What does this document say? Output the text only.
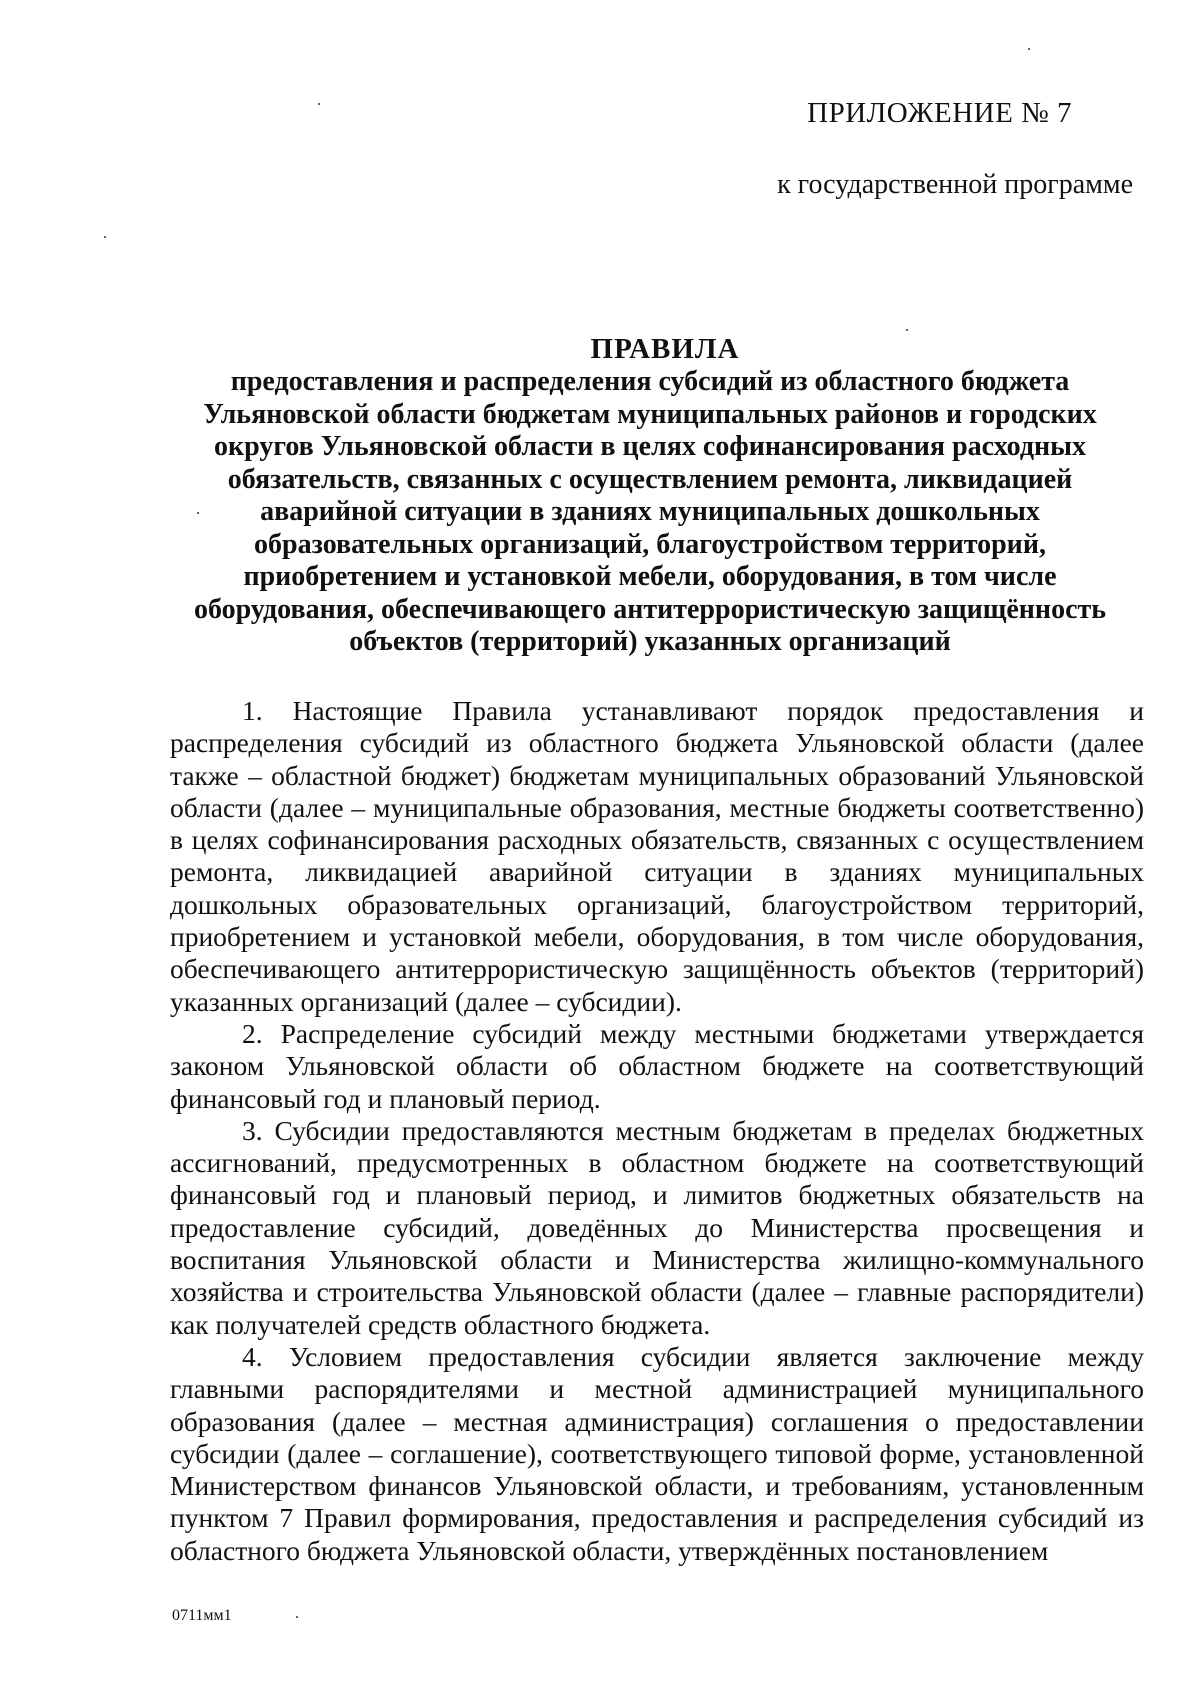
ПРИЛОЖЕНИЕ № 7
к государственной программе
ПРАВИЛА
предоставления и распределения субсидий из областного бюджета Ульяновской области бюджетам муниципальных районов и городских округов Ульяновской области в целях софинансирования расходных обязательств, связанных с осуществлением ремонта, ликвидацией аварийной ситуации в зданиях муниципальных дошкольных образовательных организаций, благоустройством территорий, приобретением и установкой мебели, оборудования, в том числе оборудования, обеспечивающего антитеррористическую защищённость объектов (территорий) указанных организаций

1. Настоящие Правила устанавливают порядок предоставления и распределения субсидий из областного бюджета Ульяновской области (далее также – областной бюджет) бюджетам муниципальных образований Ульяновской области (далее – муниципальные образования, местные бюджеты соответственно) в целях софинансирования расходных обязательств, связанных с осуществлением ремонта, ликвидацией аварийной ситуации в зданиях муниципальных дошкольных образовательных организаций, благоустройством территорий, приобретением и установкой мебели, оборудования, в том числе оборудования, обеспечивающего антитеррористическую защищённость объектов (территорий) указанных организаций (далее – субсидии).

2. Распределение субсидий между местными бюджетами утверждается законом Ульяновской области об областном бюджете на соответствующий финансовый год и плановый период.

3. Субсидии предоставляются местным бюджетам в пределах бюджетных ассигнований, предусмотренных в областном бюджете на соответствующий финансовый год и плановый период, и лимитов бюджетных обязательств на предоставление субсидий, доведённых до Министерства просвещения и воспитания Ульяновской области и Министерства жилищно-коммунального хозяйства и строительства Ульяновской области (далее – главные распорядители) как получателей средств областного бюджета.

4. Условием предоставления субсидии является заключение между главными распорядителями и местной администрацией муниципального образования (далее – местная администрация) соглашения о предоставлении субсидии (далее – соглашение), соответствующего типовой форме, установленной Министерством финансов Ульяновской области, и требованиям, установленным пунктом 7 Правил формирования, предоставления и распределения субсидий из областного бюджета Ульяновской области, утверждённых постановлением

0711мм1
